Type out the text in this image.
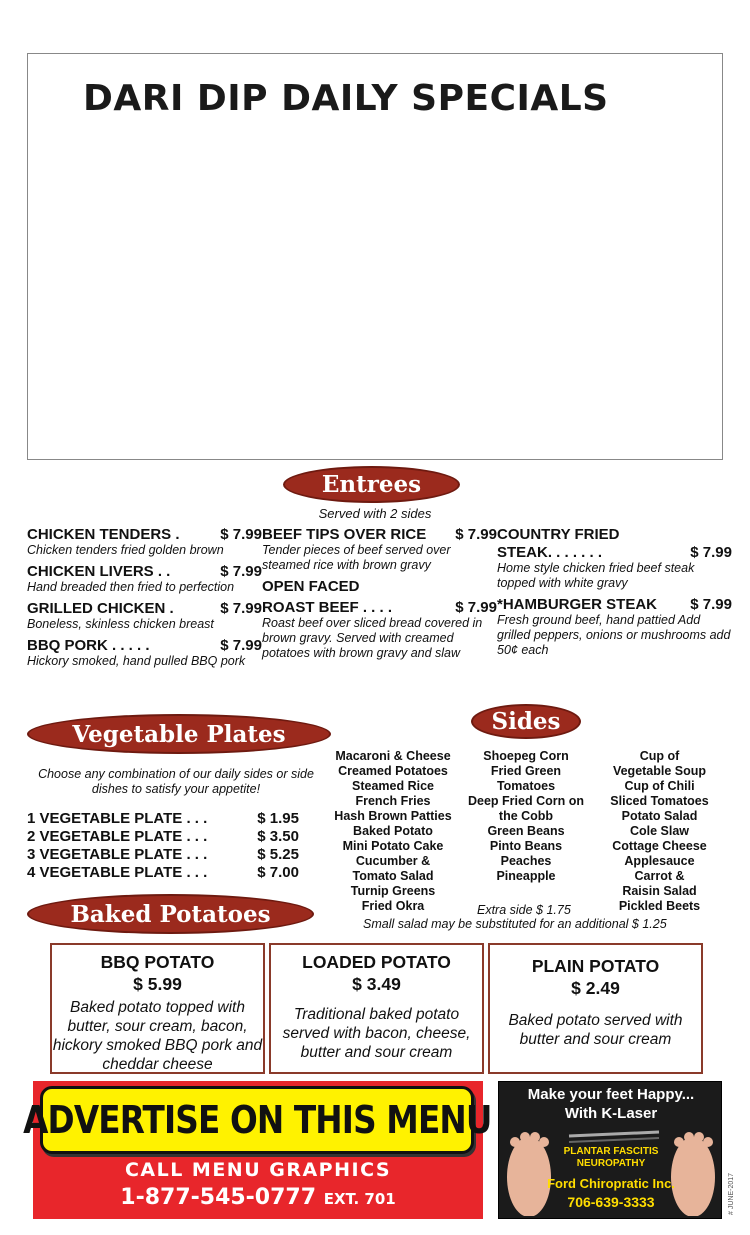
DARI DIP DAILY SPECIALS
Entrees
Served with 2 sides
CHICKEN TENDERS .	$ 7.99
Chicken tenders fried golden brown
CHICKEN LIVERS . .	$ 7.99
Hand breaded then fried to perfection
GRILLED CHICKEN .	$ 7.99
Boneless, skinless chicken breast
BBQ PORK . . . . .	$ 7.99
Hickory smoked, hand pulled BBQ pork
BEEF TIPS OVER RICE $ 7.99
Tender pieces of beef served over steamed rice with brown gravy
OPEN FACED
ROAST BEEF . . . .	$ 7.99
Roast beef over sliced bread covered in brown gravy. Served with creamed potatoes with brown gravy and slaw
COUNTRY FRIED
STEAK. . . . . . .	$ 7.99
Home style chicken fried beef steak topped with white gravy
*HAMBURGER STEAK $ 7.99
Fresh ground beef, hand pattied Add grilled peppers, onions or mushrooms add 50¢ each
Vegetable Plates
Choose any combination of our daily sides or side dishes to satisfy your appetite!
1 VEGETABLE PLATE . . .	$ 1.95
2 VEGETABLE PLATE . . .	$ 3.50
3 VEGETABLE PLATE . . .	$ 5.25
4 VEGETABLE PLATE . . .	$ 7.00
Sides
Macaroni & Cheese
Creamed Potatoes
Steamed Rice
French Fries
Hash Brown Patties
Baked Potato
Mini Potato Cake
Cucumber &
Tomato Salad
Turnip Greens
Fried Okra
Shoepeg Corn
Fried Green
Tomatoes
Deep Fried Corn on
the Cobb
Green Beans
Pinto Beans
Peaches
Pineapple
Cup of
Vegetable Soup
Cup of Chili
Sliced Tomatoes
Potato Salad
Cole Slaw
Cottage Cheese
Applesauce
Carrot &
Raisin Salad
Pickled Beets
Extra side $ 1.75
Small salad may be substituted for an additional $ 1.25
Baked Potatoes
BBQ POTATO
$ 5.99
Baked potato topped with butter, sour cream, bacon, hickory smoked BBQ pork and cheddar cheese
LOADED POTATO
$ 3.49
Traditional baked potato served with bacon, cheese, butter and sour cream
PLAIN POTATO
$ 2.49
Baked potato served with butter and sour cream
ADVERTISE ON THIS MENU
CALL MENU GRAPHICS
1-877-545-0777 EXT. 701
Make your feet Happy...
With K-Laser
PLANTAR FASCITIS
NEUROPATHY
Ford Chiropratic Inc.
706-639-3333	# JUNE-2017
